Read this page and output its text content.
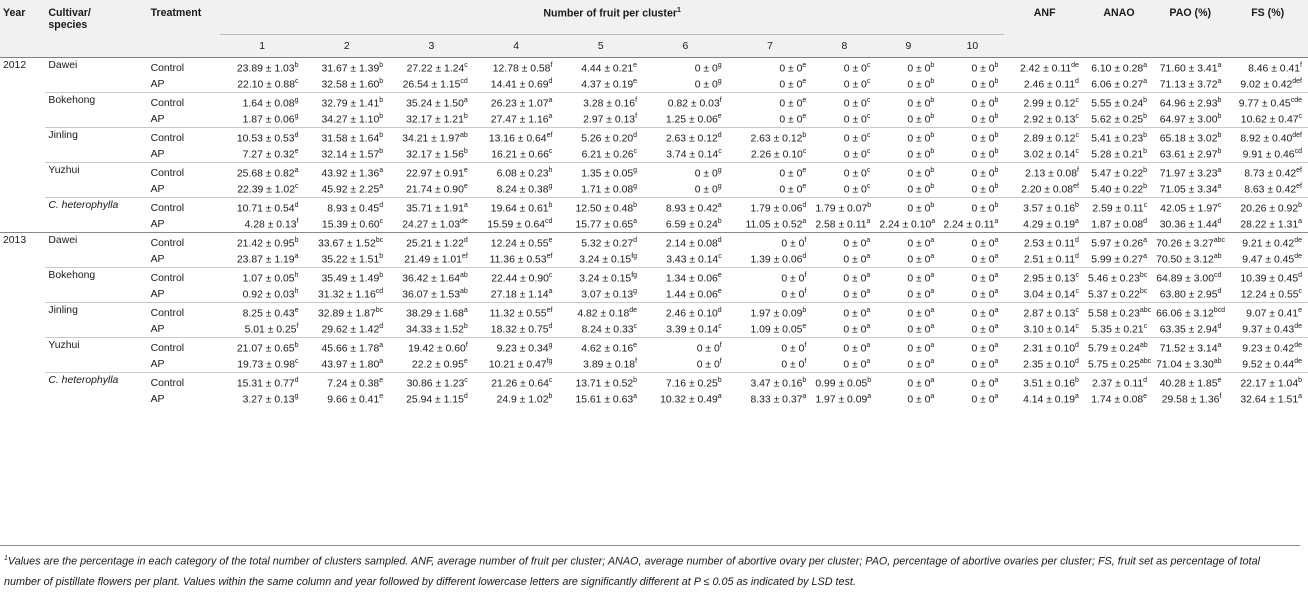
Year	Cultivar/
species	Treatment	Number of fruit per cluster$^1$										ANF	ANAO	PAO (%)	FS (%)
			1	2	3	4	5	6	7	8	9	10				
2012	Dawei	Control	23.89 ± 1.03$^b$	31.67 ± 1.39$^b$	27.22 ± 1.24$^c$	12.78 ± 0.58$^f$	4.44 ± 0.21$^e$	$0 \pm 0^g$	$0 \pm 0^e$	$0 \pm 0^c$	$0 \pm 0^b$	$0 \pm 0^b$	2.42 ± 0.11de	6.10 ± 0.28$^a$	71.60 ± 3.41$^a$	8.46 ± 0.41$^f$
		AP	22.10 ± 0.88$^c$	32.58 ± 1.60$^b$	26.54 ± 1.15$^{cd}$	14.41 ± 0.69$^d$	4.37 ± 0.19$^e$	$0 \pm 0^g$	$0 \pm 0^e$	$0 \pm 0^c$	$0 \pm 0^b$	$0 \pm 0^b$	2.46 ± 0.11$^d$	6.06 ± 0.27$^a$	71.13 ± 3.72$^a$	9.02 ± 0.42$^{def}$
	Bokehong	Control	1.64 ± 0.08$^g$	32.79 ± 1.41$^b$	35.24 ± 1.50$^a$	26.23 ± 1.07$^a$	3.28 ± 0.16$^f$	0.82 ± 0.03$^f$	$0 \pm 0^e$	$0 \pm 0^c$	$0 \pm 0^b$	$0 \pm 0^b$	2.99 ± 0.12$^c$	5.55 ± 0.24$^b$	64.96 ± 2.93$^b$	9.77 ± 0.45$^{cde}$
		AP	1.87 ± 0.06$^g$	34.27 ± 1.10$^b$	32.17 ± 1.21$^b$	27.47 ± 1.16$^a$	2.97 ± 0.13$^f$	1.25 ± 0.06$^e$	$0 \pm 0^e$	$0 \pm 0^c$	$0 \pm 0^b$	$0 \pm 0^b$	2.92 ± 0.13$^c$	5.62 ± 0.25$^b$	64.97 ± 3.00$^b$	10.62 ± 0.47$^c$
	Jinling	Control	10.53 ± 0.53$^d$	31.58 ± 1.64$^b$	34.21 ± 1.97$^{ab}$	13.16 ± 0.64$^{ef}$	5.26 ± 0.20$^d$	2.63 ± 0.12$^d$	2.63 ± 0.12$^b$	$0 \pm 0^c$	$0 \pm 0^b$	$0 \pm 0^b$	2.89 ± 0.12$^c$	5.41 ± 0.23$^b$	65.18 ± 3.02$^b$	8.92 ± 0.40$^{def}$
		AP	7.27 ± 0.32$^e$	32.14 ± 1.57$^b$	32.17 ± 1.56$^b$	16.21 ± 0.66$^c$	6.21 ± 0.26$^c$	3.74 ± 0.14$^c$	2.26 ± 0.10$^c$	$0 \pm 0^c$	$0 \pm 0^b$	$0 \pm 0^b$	3.02 ± 0.14$^c$	5.28 ± 0.21$^b$	63.61 ± 2.97$^b$	9.91 ± 0.46$^{cd}$
	Yuzhui	Control	25.68 ± 0.82$^a$	43.92 ± 1.36$^a$	22.97 ± 0.91$^e$	6.08 ± 0.23$^h$	1.35 ± 0.05$^g$	$0 \pm 0^g$	$0 \pm 0^e$	$0 \pm 0^c$	$0 \pm 0^b$	$0 \pm 0^b$	2.13 ± 0.08$^f$	5.47 ± 0.22$^b$	71.97 ± 3.23$^a$	8.73 ± 0.42$^{ef}$
		AP	22.39 ± 1.02$^c$	45.92 ± 2.25$^a$	21.74 ± 0.90$^e$	8.24 ± 0.38$^g$	1.71 ± 0.08$^g$	$0 \pm 0^g$	$0 \pm 0^e$	$0 \pm 0^c$	$0 \pm 0^b$	$0 \pm 0^b$	2.20 ± 0.08$^{ef}$	5.40 ± 0.22$^b$	71.05 ± 3.34$^a$	8.63 ± 0.42$^{ef}$
	C. heterophylla	Control	10.71 ± 0.54$^d$	8.93 ± 0.45$^d$	35.71 ± 1.91$^a$	19.64 ± 0.61$^b$	12.50 ± 0.48$^b$	8.93 ± 0.42$^a$	1.79 ± 0.06$^d$	1.79 ± 0.07$^b$	$0 \pm 0^b$	$0 \pm 0^b$	3.57 ± 0.16$^b$	2.59 ± 0.11$^c$	42.05 ± 1.97$^c$	20.26 ± 0.92$^b$
		AP	4.28 ± 0.13$^f$	15.39 ± 0.60$^c$	24.27 ± 1.03de	15.59 ± 0.64$^{cd}$	15.77 ± 0.65$^a$	6.59 ± 0.24$^b$	11.05 ± 0.52$^a$	2.58 ± 0.11$^a$	2.24 ± 0.10$^a$	2.24 ± 0.11$^a$	4.29 ± 0.19$^a$	1.87 ± 0.08$^d$	30.36 ± 1.44$^d$	28.22 ± 1.31$^a$
2013	Dawei	Control	21.42 ± 0.95$^b$	33.67 ± 1.52$^{bc}$	25.21 ± 1.22$^d$	12.24 ± 0.55$^e$	5.32 ± 0.27$^d$	2.14 ± 0.08$^d$	$0 \pm 0^f$	$0 \pm 0^a$	$0 \pm 0^a$	$0 \pm 0^a$	2.53 ± 0.11$^d$	5.97 ± 0.26$^a$	70.26 ± 3.27$^{abc}$	9.21 ± 0.42de
		AP	23.87 ± 1.19$^a$	35.22 ± 1.51$^b$	21.49 ± 1.01$^{ef}$	11.36 ± 0.53$^{ef}$	3.24 ± 0.15$^{fg}$	3.43 ± 0.14$^c$	1.39 ± 0.06$^d$	$0 \pm 0^a$	$0 \pm 0^a$	$0 \pm 0^a$	2.51 ± 0.11$^d$	5.99 ± 0.27$^a$	70.50 ± 3.12$^{ab}$	9.47 ± 0.45de
	Bokehong	Control	1.07 ± 0.05$^h$	35.49 ± 1.49$^b$	36.42 ± 1.64$^{ab}$	22.44 ± 0.90$^c$	3.24 ± 0.15$^{fg}$	1.34 ± 0.06$^e$	$0 \pm 0^f$	$0 \pm 0^a$	$0 \pm 0^a$	$0 \pm 0^a$	2.95 ± 0.13$^c$	5.46 ± 0.23$^{bc}$	64.89 ± 3.00$^{cd}$	10.39 ± 0.45$^d$
		AP	0.92 ± 0.03$^h$	31.32 ± 1.16$^{cd}$	36.07 ± 1.53$^{ab}$	27.18 ± 1.14$^a$	3.07 ± 0.13$^g$	1.44 ± 0.06$^e$	$0 \pm 0^f$	$0 \pm 0^a$	$0 \pm 0^a$	$0 \pm 0^a$	3.04 ± 0.14$^c$	5.37 ± 0.22$^{bc}$	63.80 ± 2.95$^d$	12.24 ± 0.55$^c$
	Jinling	Control	8.25 ± 0.43$^e$	32.89 ± 1.87$^{bc}$	38.29 ± 1.68$^a$	11.32 ± 0.55$^{ef}$	4.82 ± 0.18de	2.46 ± 0.10$^d$	1.97 ± 0.09$^b$	$0 \pm 0^a$	$0 \pm 0^a$	$0 \pm 0^a$	2.87 ± 0.13$^c$	5.58 ± 0.23$^{abc}$	66.06 ± 3.12$^{bcd}$	9.07 ± 0.41$^e$
		AP	5.01 ± 0.25$^f$	29.62 ± 1.42$^d$	34.33 ± 1.52$^b$	18.32 ± 0.75$^d$	8.24 ± 0.33$^c$	3.39 ± 0.14$^c$	1.09 ± 0.05$^e$	$0 \pm 0^a$	$0 \pm 0^a$	$0 \pm 0^a$	3.10 ± 0.14$^c$	5.35 ± 0.21$^c$	63.35 ± 2.94$^d$	9.37 ± 0.43de
	Yuzhui	Control	21.07 ± 0.65$^b$	45.66 ± 1.78$^a$	19.42 ± 0.60$^f$	9.23 ± 0.34$^g$	4.62 ± 0.16$^e$	$0 \pm 0^f$	$0 \pm 0^f$	$0 \pm 0^a$	$0 \pm 0^a$	$0 \pm 0^a$	2.31 ± 0.10$^d$	5.79 ± 0.24$^{ab}$	71.52 ± 3.14$^a$	9.23 ± 0.42de
		AP	19.73 ± 0.98$^c$	43.97 ± 1.80$^a$	22.2 ± 0.95$^e$	10.21 ± 0.47$^{fg}$	3.89 ± 0.18$^f$	$0 \pm 0^f$	$0 \pm 0^f$	$0 \pm 0^a$	$0 \pm 0^a$	$0 \pm 0^a$	2.35 ± 0.10$^d$	5.75 ± 0.25$^{abc}$	71.04 ± 3.30$^{ab}$	9.52 ± 0.44de
	C. heterophylla	Control	15.31 ± 0.77$^d$	7.24 ± 0.38$^e$	30.86 ± 1.23$^c$	21.26 ± 0.64$^c$	13.71 ± 0.52$^b$	7.16 ± 0.25$^b$	3.47 ± 0.16$^b$	0.99 ± 0.05$^b$	$0 \pm 0^a$	$0 \pm 0^a$	3.51 ± 0.16$^b$	2.37 ± 0.11$^d$	40.28 ± 1.85$^e$	22.17 ± 1.04$^b$
		AP	3.27 ± 0.13$^g$	9.66 ± 0.41$^e$	25.94 ± 1.15$^d$	24.9 ± 1.02$^b$	15.61 ± 0.63$^a$	10.32 ± 0.49$^a$	8.33 ± 0.37$^a$	1.97 ± 0.09$^a$	$0 \pm 0^a$	$0 \pm 0^a$	4.14 ± 0.19$^a$	1.74 ± 0.08$^e$	29.58 ± 1.36$^f$	32.64 ± 1.51$^a$
$^1$Values are the percentage in each category of the total number of clusters sampled. ANF, average number of fruit per cluster; ANAO, average number of abortive ovary per cluster; PAO, percentage of abortive ovaries per cluster; FS, fruit set as percentage of total number of pistillate flowers per plant. Values within the same column and year followed by different lowercase letters are significantly different at P ≤ 0.05 as indicated by LSD test.
